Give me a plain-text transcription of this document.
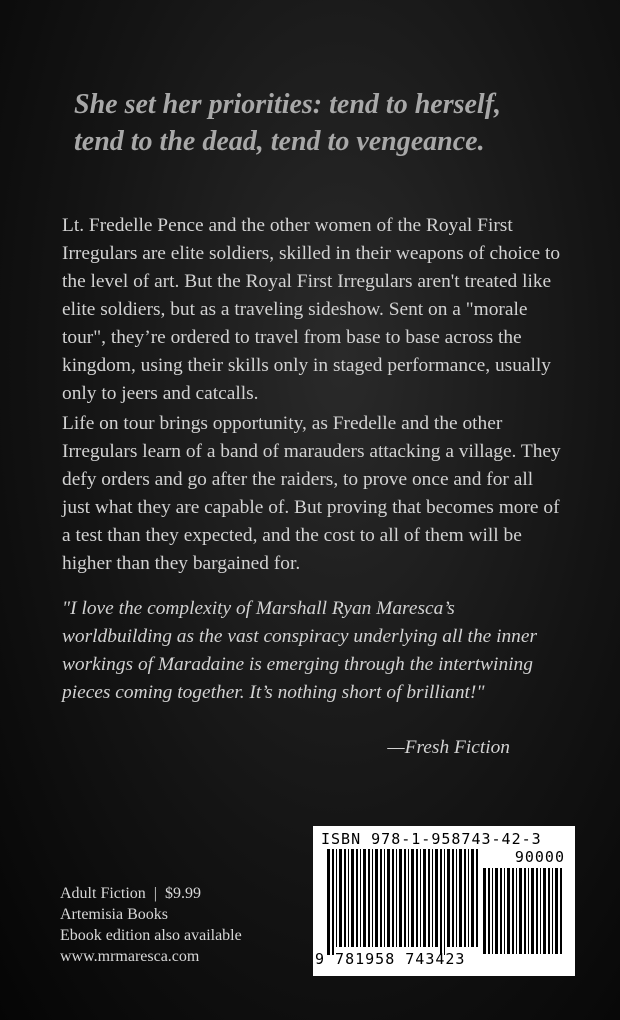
She set her priorities: tend to herself,
tend to the dead, tend to vengeance.

Lt. Fredelle Pence and the other women of the Royal First Irregulars are elite soldiers, skilled in their weapons of choice to the level of art. But the Royal First Irregulars aren't treated like elite soldiers, but as a traveling sideshow. Sent on a "morale tour", they’re ordered to travel from base to base across the kingdom, using their skills only in staged performance, usually only to jeers and catcalls.

Life on tour brings opportunity, as Fredelle and the other Irregulars learn of a band of marauders attacking a village. They defy orders and go after the raiders, to prove once and for all just what they are capable of. But proving that becomes more of a test than they expected, and the cost to all of them will be higher than they bargained for.

"I love the complexity of Marshall Ryan Maresca’s worldbuilding as the vast conspiracy underlying all the inner workings of Maradaine is emerging through the intertwining pieces coming together. It’s nothing short of brilliant!"

—Fresh Fiction
Adult Fiction  |  $9.99
Artemisia Books
Ebook edition also available
www.mrmaresca.com
ISBN 978-1-958743-42-3
90000
9 781958 743423
